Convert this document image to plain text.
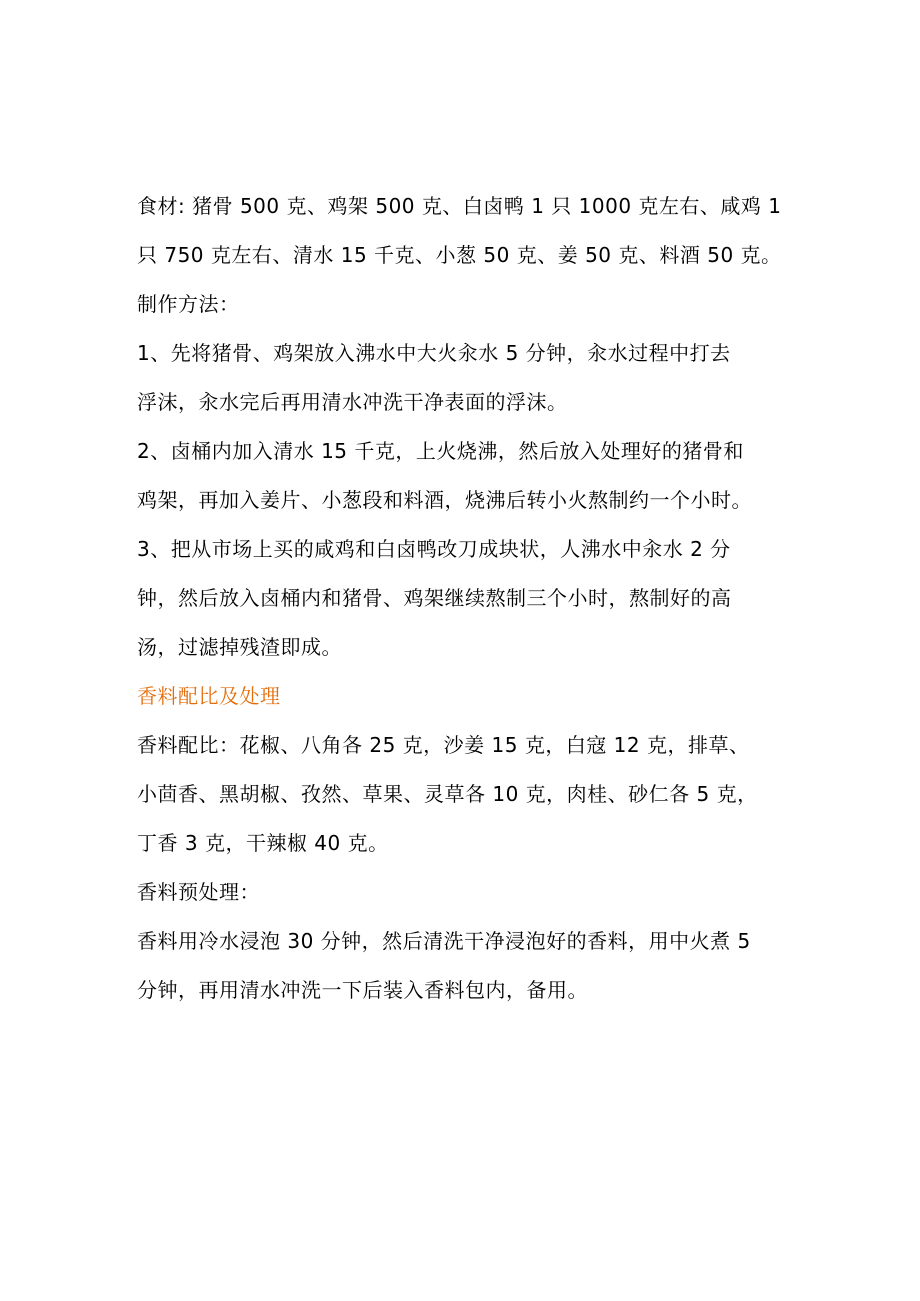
食材: 猪骨 500 克、鸡架 500 克、白卤鸭 1 只 1000 克左右、咸鸡 1
只 750 克左右、清水 15 千克、小葱 50 克、姜 50 克、料酒 50 克。
制作方法：
1、先将猪骨、鸡架放入沸水中大火汆水 5 分钟，汆水过程中打去
浮沫，汆水完后再用清水冲洗干净表面的浮沫。
2、卤桶内加入清水 15 千克，上火烧沸，然后放入处理好的猪骨和
鸡架，再加入姜片、小葱段和料酒，烧沸后转小火熬制约一个小时。
3、把从市场上买的咸鸡和白卤鸭改刀成块状，人沸水中汆水 2 分
钟，然后放入卤桶内和猪骨、鸡架继续熬制三个小时，熬制好的高
汤，过滤掉残渣即成。
香料配比及处理
香料配比：花椒、八角各 25 克，沙姜 15 克，白寇 12 克，排草、
小茴香、黑胡椒、孜然、草果、灵草各 10 克，肉桂、砂仁各 5 克，
丁香 3 克，干辣椒 40 克。
香料预处理：
香料用冷水浸泡 30 分钟，然后清洗干净浸泡好的香料，用中火煮 5
分钟，再用清水冲洗一下后装入香料包内，备用。
